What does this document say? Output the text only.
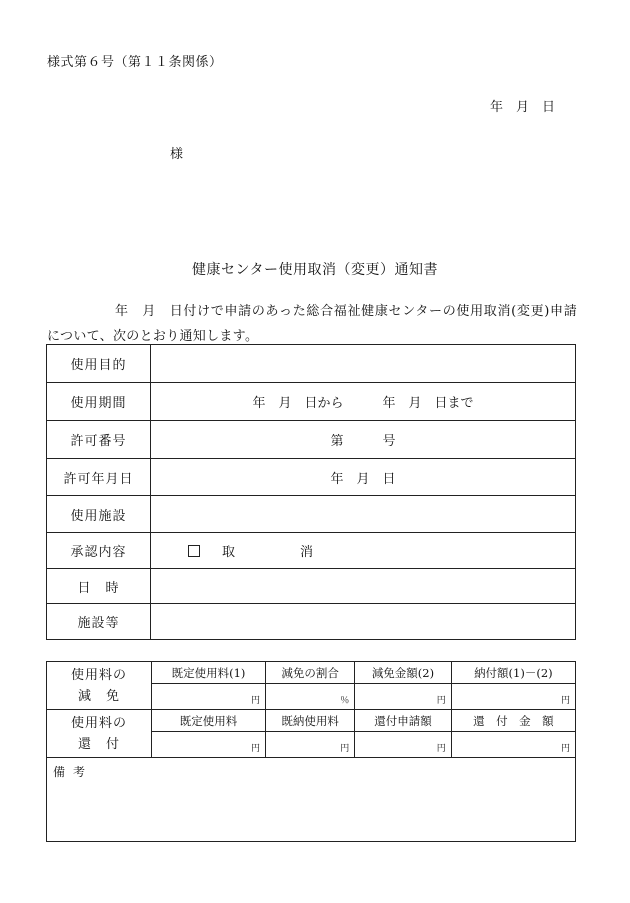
様式第６号（第１１条関係）
年　月　日
様
健康センター使用取消（変更）通知書
年　月　日付けで申請のあった総合福祉健康センターの使用取消(変更)申請について、次のとおり通知します。
使用目的	
使用期間	年　月　日から　　　年　月　日まで
許可番号	第　　　号
許可年月日	年　月　日
使用施設	
承認内容	取　消
日　時	
施設等	
使用料の
減　免	既定使用料(1)	減免の割合	減免金額(2)	納付額(1)－(2)
	円	％	円	円

使用料の
還　付	既定使用料	既納使用料	還付申請額	還　付　金　額
	円	円	円	円
備考				
